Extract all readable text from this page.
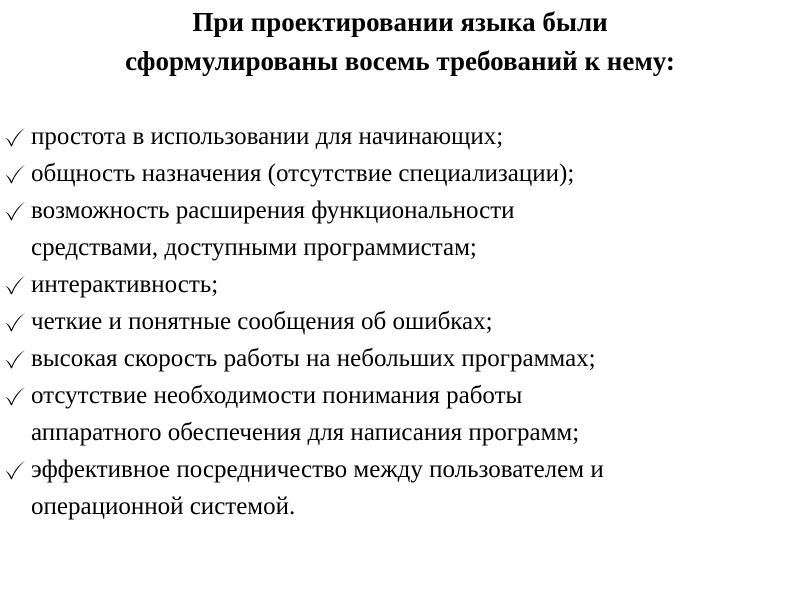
При проектировании языка были
сформулированы восемь требований к нему:
простота в использовании для начинающих;
общность назначения (отсутствие специализации);
возможность расширения функциональности
средствами, доступными программистам;
интерактивность;
четкие и понятные сообщения об ошибках;
высокая скорость работы на небольших программах;
отсутствие необходимости понимания работы
аппаратного обеспечения для написания программ;
эффективное посредничество между пользователем и
операционной системой.
